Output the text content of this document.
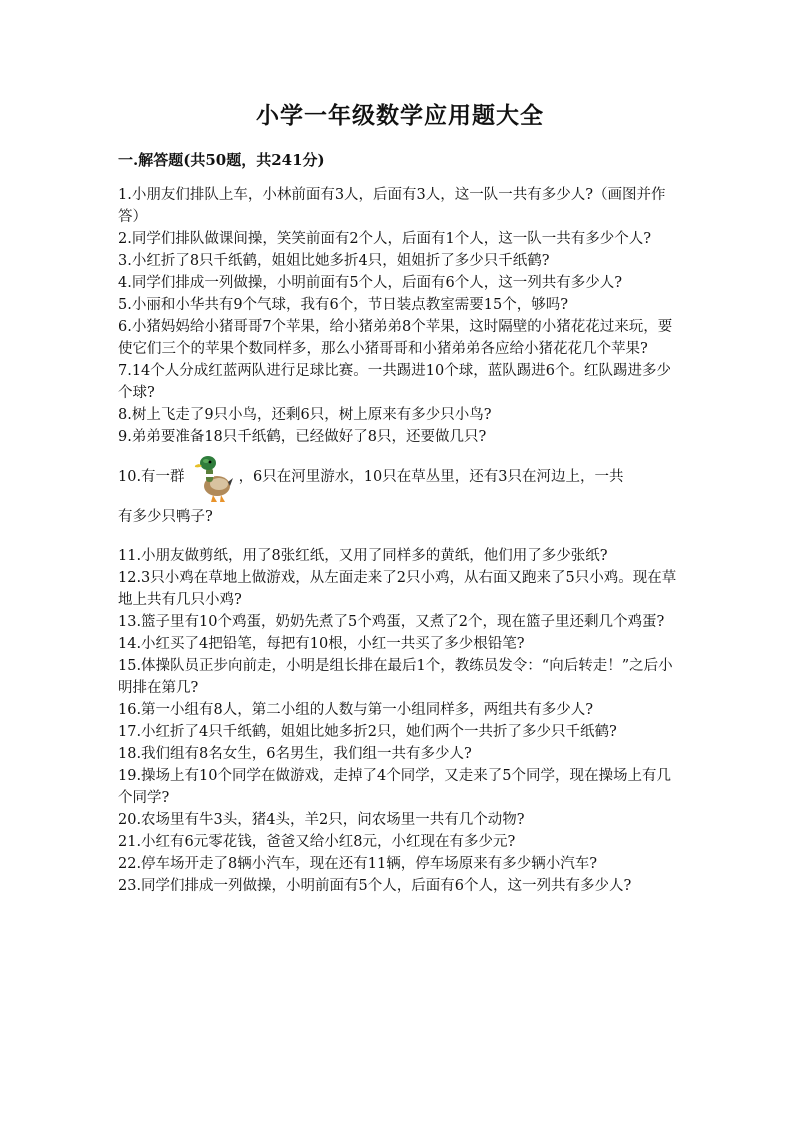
小学一年级数学应用题大全
一.解答题(共50题，共241分)

1.小朋友们排队上车，小林前面有3人，后面有3人，这一队一共有多少人?（画图并作答）

2.同学们排队做课间操，笑笑前面有2个人，后面有1个人，这一队一共有多少个人?

3.小红折了8只千纸鹤，姐姐比她多折4只，姐姐折了多少只千纸鹤?

4.同学们排成一列做操，小明前面有5个人，后面有6个人，这一列共有多少人?

5.小丽和小华共有9个气球，我有6个，节日装点教室需要15个，够吗?

6.小猪妈妈给小猪哥哥7个苹果，给小猪弟弟8个苹果，这时隔壁的小猪花花过来玩，要使它们三个的苹果个数同样多，那么小猪哥哥和小猪弟弟各应给小猪花花几个苹果?

7.14个人分成红蓝两队进行足球比赛。一共踢进10个球，蓝队踢进6个。红队踢进多少个球?

8.树上飞走了9只小鸟，还剩6只，树上原来有多少只小鸟?

9.弟弟要准备18只千纸鹤，已经做好了8只，还要做几只?

10.有一群	，6只在河里游水，10只在草丛里，还有3只在河边上，一共
有多少只鸭子?

11.小朋友做剪纸，用了8张红纸，又用了同样多的黄纸，他们用了多少张纸?

12.3只小鸡在草地上做游戏，从左面走来了2只小鸡，从右面又跑来了5只小鸡。现在草地上共有几只小鸡?

13.篮子里有10个鸡蛋，奶奶先煮了5个鸡蛋，又煮了2个，现在篮子里还剩几个鸡蛋?

14.小红买了4把铅笔，每把有10根，小红一共买了多少根铅笔?

15.体操队员正步向前走，小明是组长排在最后1个，教练员发令：“向后转走！”之后小明排在第几?

16.第一小组有8人，第二小组的人数与第一小组同样多，两组共有多少人?

17.小红折了4只千纸鹤，姐姐比她多折2只，她们两个一共折了多少只千纸鹤?

18.我们组有8名女生，6名男生，我们组一共有多少人?

19.操场上有10个同学在做游戏，走掉了4个同学，又走来了5个同学，现在操场上有几个同学?

20.农场里有牛3头，猪4头，羊2只，问农场里一共有几个动物?

21.小红有6元零花钱，爸爸又给小红8元，小红现在有多少元?

22.停车场开走了8辆小汽车，现在还有11辆，停车场原来有多少辆小汽车?

23.同学们排成一列做操，小明前面有5个人，后面有6个人，这一列共有多少人?
